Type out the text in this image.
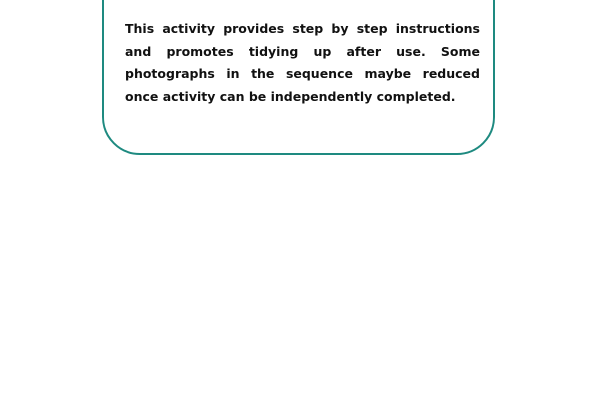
This activity provides step by step instructions and promotes tidying up after use. Some photographs in the sequence maybe reduced once activity can be independently completed.
